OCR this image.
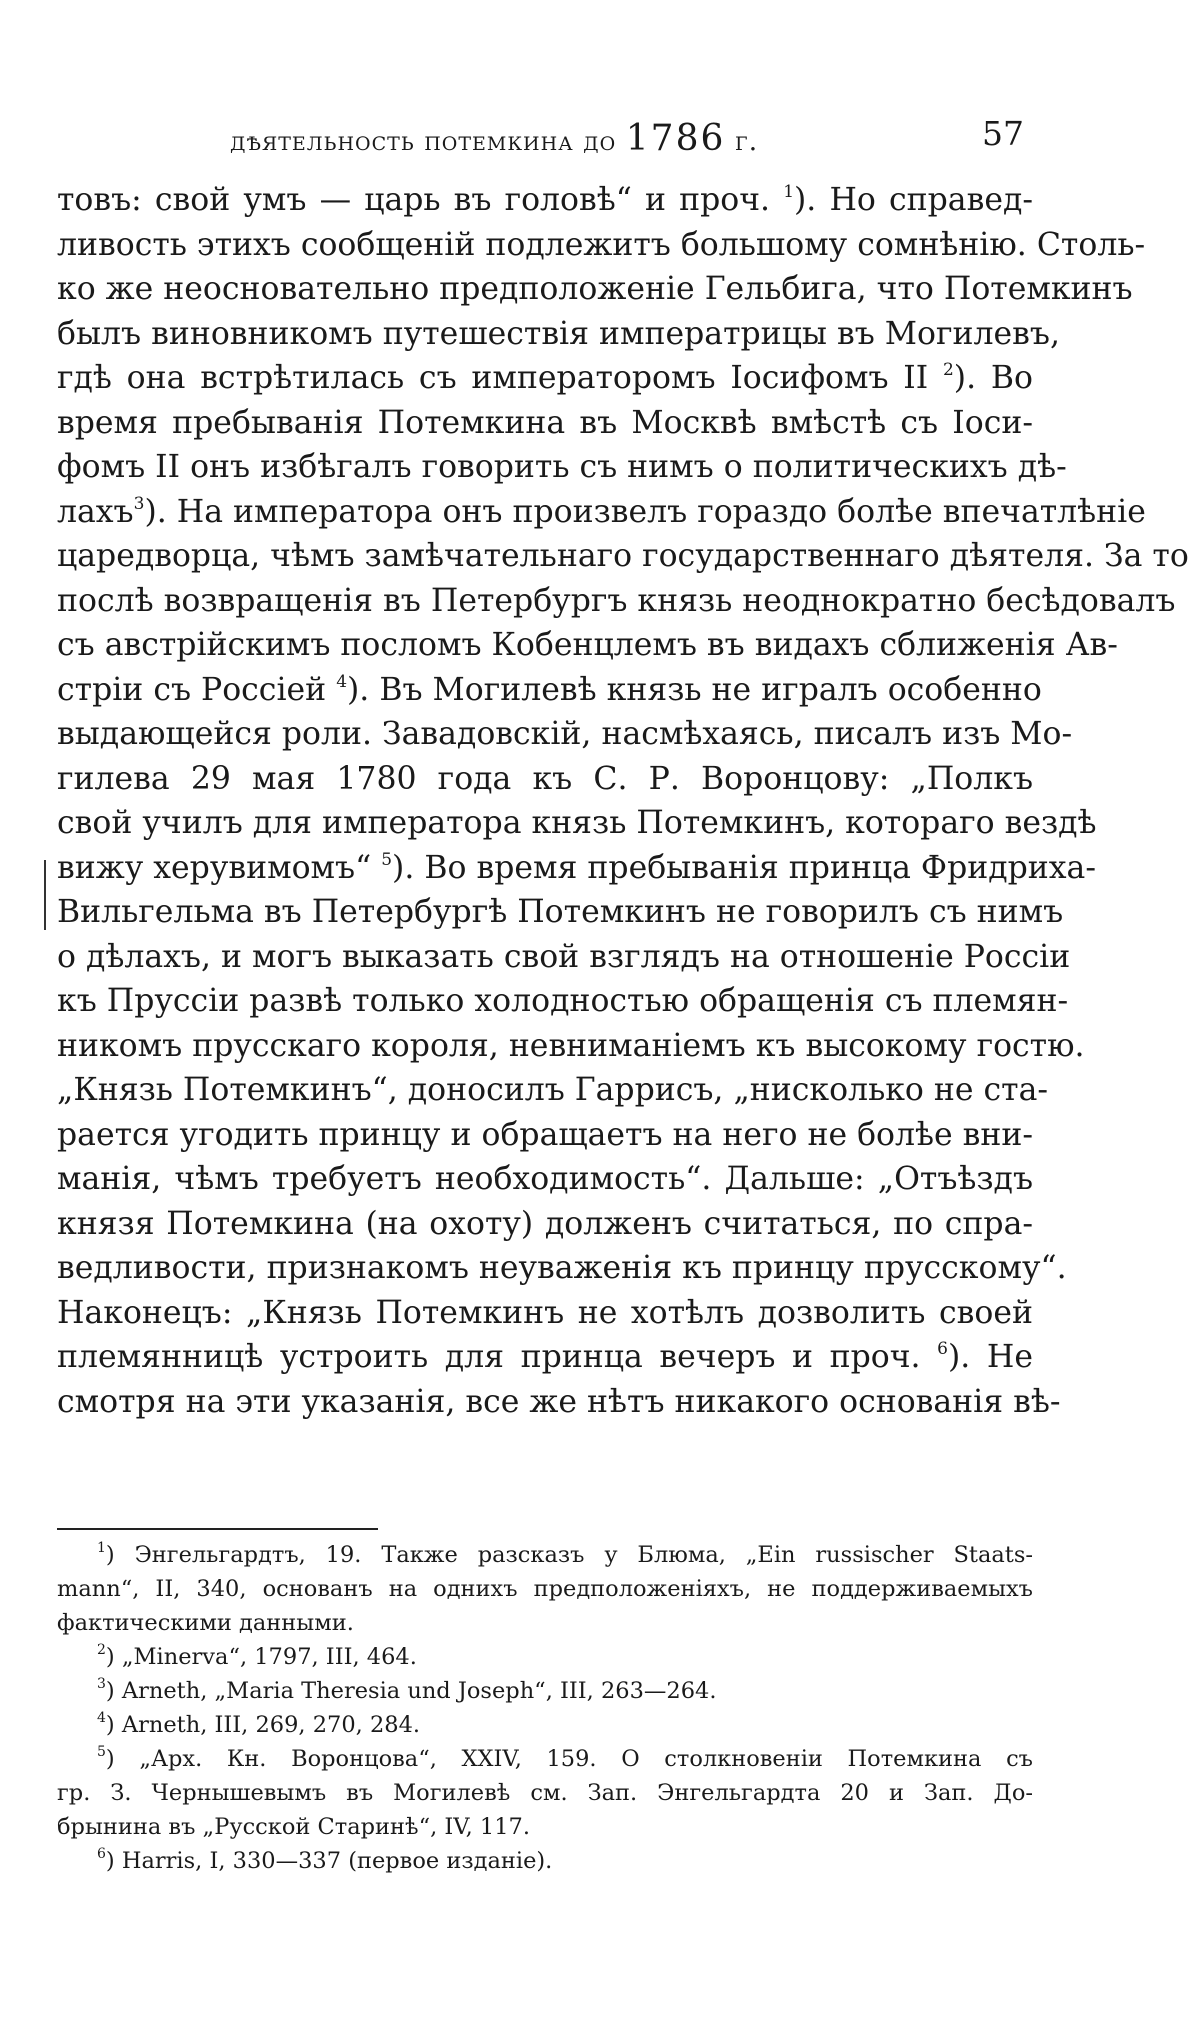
дѣятельность потемкина до 1786 г.	57
товъ: свой умъ — царь въ головѣ“ и проч. $^1$). Но справед-
ливость этихъ сообщеній подлежитъ большому сомнѣнію. Столь-
ко же неосновательно предположеніе Гельбига, что Потемкинъ
былъ виновникомъ путешествія императрицы въ Могилевъ,
гдѣ она встрѣтилась съ императоромъ Іосифомъ II $^2$). Во
время пребыванія Потемкина въ Москвѣ вмѣстѣ съ Іоси-
фомъ II онъ избѣгалъ говорить съ нимъ о политическихъ дѣ-
лахъ$^3$). На императора онъ произвелъ гораздо болѣе впечатлѣніе
царедворца, чѣмъ замѣчательнаго государственнаго дѣятеля. За то
послѣ возвращенія въ Петербургъ князь неоднократно бесѣдовалъ
съ австрійскимъ посломъ Кобенцлемъ въ видахъ сближенія Ав-
стріи съ Россіей $^4$). Въ Могилевѣ князь не игралъ особенно
выдающейся роли. Завадовскій, насмѣхаясь, писалъ изъ Мо-
гилева 29 мая 1780 года къ С. Р. Воронцову: „Полкъ
свой училъ для императора князь Потемкинъ, котораго вездѣ
вижу херувимомъ“ $^5$). Во время пребыванія принца Фридриха-
Вильгельма въ Петербургѣ Потемкинъ не говорилъ съ нимъ
о дѣлахъ, и могъ выказать свой взглядъ на отношеніе Россіи
къ Пруссіи развѣ только холодностью обращенія съ племян-
никомъ прусскаго короля, невниманіемъ къ высокому гостю.
„Князь Потемкинъ“, доносилъ Гаррисъ, „нисколько не ста-
рается угодить принцу и обращаетъ на него не болѣе вни-
манія, чѣмъ требуетъ необходимость“. Дальше: „Отъѣздъ
князя Потемкина (на охоту) долженъ считаться, по спра-
ведливости, признакомъ неуваженія къ принцу прусскому“.
Наконецъ: „Князь Потемкинъ не хотѣлъ дозволить своей
племянницѣ устроить для принца вечеръ и проч. $^6$). Не
смотря на эти указанія, все же нѣтъ никакого основанія вѣ-
$^1$) Энгельгардтъ, 19. Также разсказъ у Блюма, „Ein russischer Staats-
mann“, II, 340, основанъ на однихъ предположеніяхъ, не поддерживаемыхъ
фактическими данными.
$^2$) „Minerva“, 1797, III, 464.
$^3$) Arneth, „Maria Theresia und Joseph“, III, 263—264.
$^4$) Arneth, III, 269, 270, 284.
$^5$) „Арх. Кн. Воронцова“, XXIV, 159. О столкновеніи Потемкина съ
гр. З. Чернышевымъ въ Могилевѣ см. Зап. Энгельгардта 20 и Зап. До-
брынина въ „Русской Старинѣ“, IV, 117.
$^6$) Harris, I, 330—337 (первое изданіе).
